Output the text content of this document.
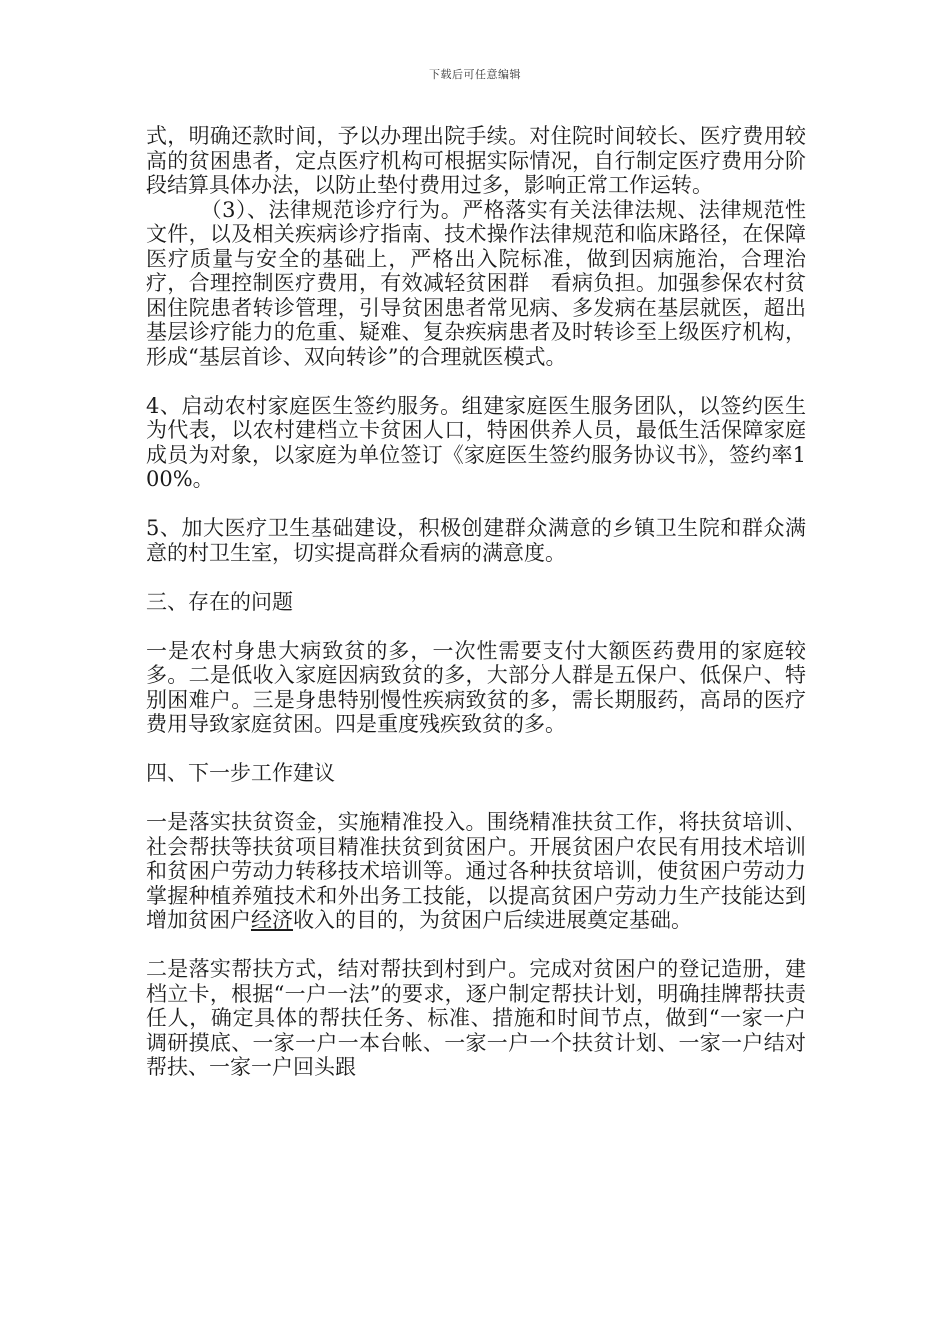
下载后可任意编辑

式，明确还款时间，予以办理出院手续。对住院时间较长、医疗费用较高的贫困患者，定点医疗机构可根据实际情况，自行制定医疗费用分阶段结算具体办法，以防止垫付费用过多，影响正常工作运转。

（3）、法律规范诊疗行为。严格落实有关法律法规、法律规范性文件，以及相关疾病诊疗指南、技术操作法律规范和临床路径，在保障医疗质量与安全的基础上，严格出入院标准，做到因病施治，合理治疗，合理控制医疗费用，有效减轻贫困群　看病负担。加强参保农村贫困住院患者转诊管理，引导贫困患者常见病、多发病在基层就医，超出基层诊疗能力的危重、疑难、复杂疾病患者及时转诊至上级医疗机构，形成“基层首诊、双向转诊”的合理就医模式。

4、启动农村家庭医生签约服务。组建家庭医生服务团队，以签约医生为代表，以农村建档立卡贫困人口，特困供养人员，最低生活保障家庭成员为对象，以家庭为单位签订《家庭医生签约服务协议书》，签约率100%。

5、加大医疗卫生基础建设，积极创建群众满意的乡镇卫生院和群众满意的村卫生室，切实提高群众看病的满意度。

三、存在的问题

一是农村身患大病致贫的多，一次性需要支付大额医药费用的家庭较多。二是低收入家庭因病致贫的多，大部分人群是五保户、低保户、特别困难户。三是身患特别慢性疾病致贫的多，需长期服药，高昂的医疗费用导致家庭贫困。四是重度残疾致贫的多。

四、下一步工作建议

一是落实扶贫资金，实施精准投入。围绕精准扶贫工作，将扶贫培训、社会帮扶等扶贫项目精准扶贫到贫困户。开展贫困户农民有用技术培训和贫困户劳动力转移技术培训等。通过各种扶贫培训，使贫困户劳动力掌握种植养殖技术和外出务工技能，以提高贫困户劳动力生产技能达到增加贫困户经济收入的目的，为贫困户后续进展奠定基础。

二是落实帮扶方式，结对帮扶到村到户。完成对贫困户的登记造册，建档立卡，根据“一户一法”的要求，逐户制定帮扶计划，明确挂牌帮扶责任人，确定具体的帮扶任务、标准、措施和时间节点，做到“一家一户调研摸底、一家一户一本台帐、一家一户一个扶贫计划、一家一户结对帮扶、一家一户回头跟
